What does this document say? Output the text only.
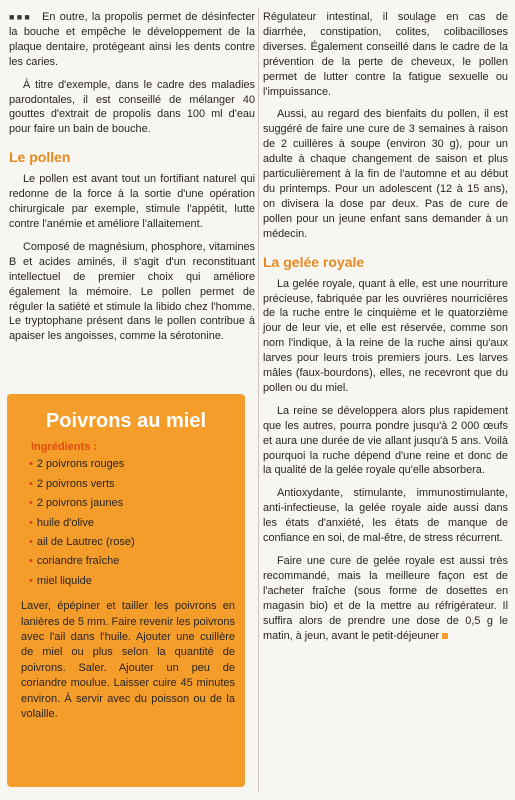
■■■ En outre, la propolis permet de désinfecter la bouche et empêche le développement de la plaque dentaire, protégeant ainsi les dents contre les caries.

À titre d'exemple, dans le cadre des maladies parodontales, il est conseillé de mélanger 40 gouttes d'extrait de propolis dans 100 ml d'eau pour faire un bain de bouche.

Le pollen

Le pollen est avant tout un fortifiant naturel qui redonne de la force à la sortie d'une opération chirurgicale par exemple, stimule l'appétit, lutte contre l'anémie et améliore l'allaitement.

Composé de magnésium, phosphore, vitamines B et acides aminés, il s'agit d'un reconstituant intellectuel de premier choix qui améliore également la mémoire. Le pollen permet de réguler la satiété et stimule la libido chez l'homme. Le tryptophane présent dans le pollen contribue à apaiser les angoisses, comme la sérotonine.

Poivrons au miel
Ingrédients :
• 2 poivrons rouges
• 2 poivrons verts
• 2 poivrons jaunes
• huile d'olive
• ail de Lautrec (rose)
• coriandre fraîche
• miel liquide

Laver, épépiner et tailler les poivrons en lanières de 5 mm. Faire revenir les poivrons avec l'ail dans l'huile. Ajouter une cuillère de miel ou plus selon la quantité de poivrons. Saler. Ajouter un peu de coriandre moulue. Laisser cuire 45 minutes environ. À servir avec du poisson ou de la volaille.

Régulateur intestinal, il soulage en cas de diarrhée, constipation, colites, colibacilloses diverses. Également conseillé dans le cadre de la prévention de la perte de cheveux, le pollen permet de lutter contre la fatigue sexuelle ou l'impuissance.

Aussi, au regard des bienfaits du pollen, il est suggéré de faire une cure de 3 semaines à raison de 2 cuillères à soupe (environ 30 g), pour un adulte à chaque changement de saison et plus particulièrement à la fin de l'automne et au début du printemps. Pour un adolescent (12 à 15 ans), on divisera la dose par deux. Pas de cure de pollen pour un jeune enfant sans demander à un médecin.

La gelée royale

La gelée royale, quant à elle, est une nourriture précieuse, fabriquée par les ouvrières nourricières de la ruche entre le cinquième et le quatorzième jour de leur vie, et elle est réservée, comme son nom l'indique, à la reine de la ruche ainsi qu'aux larves pour leurs trois premiers jours. Les larves mâles (faux-bourdons), elles, ne recevront que du pollen ou du miel.

La reine se développera alors plus rapidement que les autres, pourra pondre jusqu'à 2 000 œufs et aura une durée de vie allant jusqu'à 5 ans. Voilà pourquoi la ruche dépend d'une reine et donc de la qualité de la gelée royale qu'elle absorbera.

Antioxydante, stimulante, immunostimulante, anti-infectieuse, la gelée royale aide aussi dans les états d'anxiété, les états de manque de confiance en soi, de mal-être, de stress récurrent.

Faire une cure de gelée royale est aussi très recommandé, mais la meilleure façon est de l'acheter fraîche (sous forme de dosettes en magasin bio) et de la mettre au réfrigérateur. Il suffira alors de prendre une dose de 0,5 g le matin, à jeun, avant le petit-déjeuner
